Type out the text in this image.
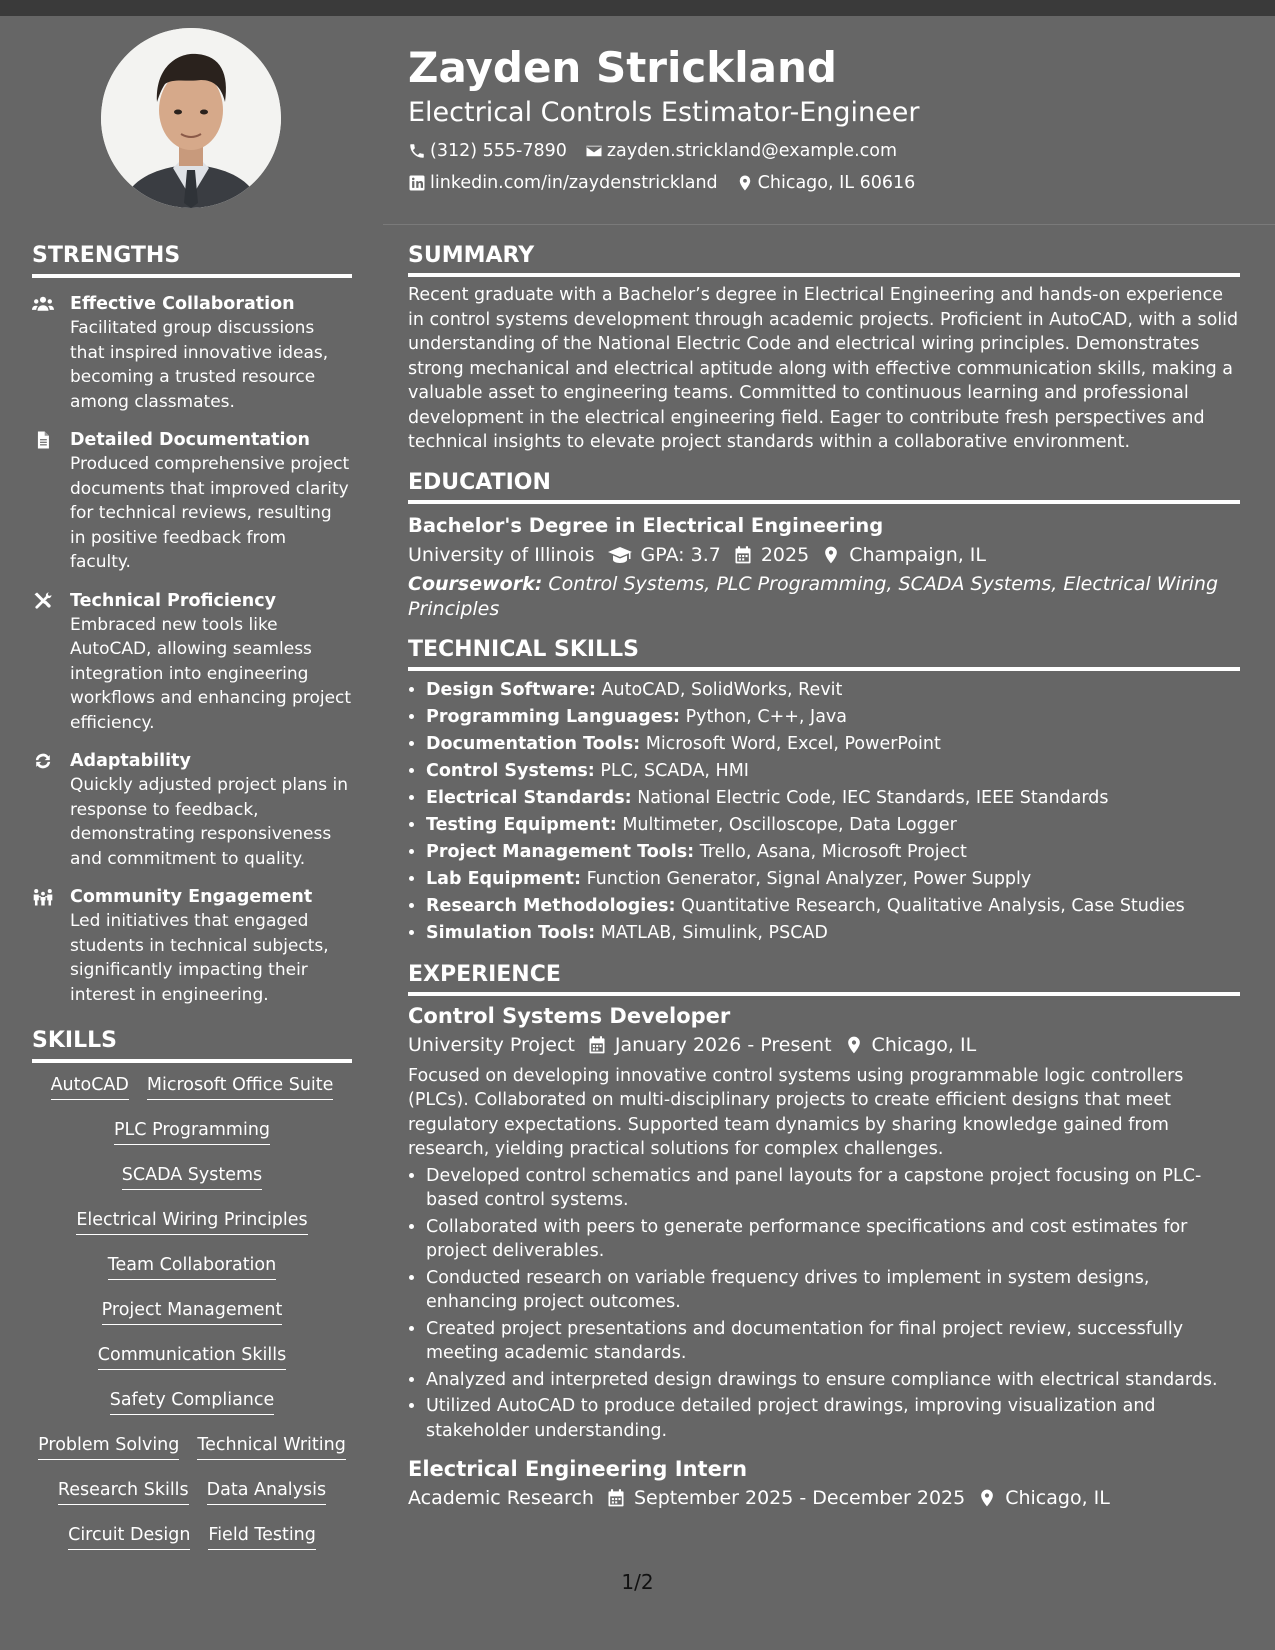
Zayden Strickland
Electrical Controls Estimator-Engineer
(312) 555-7890 zayden.strickland@example.com
linkedin.com/in/zaydenstrickland Chicago, IL 60616
STRENGTHS
Effective Collaboration
Facilitated group discussions that inspired innovative ideas, becoming a trusted resource among classmates.
Detailed Documentation
Produced comprehensive project documents that improved clarity for technical reviews, resulting in positive feedback from faculty.
Technical Proficiency
Embraced new tools like AutoCAD, allowing seamless integration into engineering workflows and enhancing project efficiency.
Adaptability
Quickly adjusted project plans in response to feedback, demonstrating responsiveness and commitment to quality.
Community Engagement
Led initiatives that engaged students in technical subjects, significantly impacting their interest in engineering.
SKILLS
AutoCAD Microsoft Office Suite
PLC Programming
SCADA Systems
Electrical Wiring Principles
Team Collaboration
Project Management
Communication Skills
Safety Compliance
Problem Solving Technical Writing
Research Skills Data Analysis
Circuit Design Field Testing
SUMMARY
Recent graduate with a Bachelor’s degree in Electrical Engineering and hands-on experience in control systems development through academic projects. Proficient in AutoCAD, with a solid understanding of the National Electric Code and electrical wiring principles. Demonstrates strong mechanical and electrical aptitude along with effective communication skills, making a valuable asset to engineering teams. Committed to continuous learning and professional development in the electrical engineering field. Eager to contribute fresh perspectives and technical insights to elevate project standards within a collaborative environment.
EDUCATION
Bachelor's Degree in Electrical Engineering
University of Illinois GPA: 3.7 2025 Champaign, IL
Coursework: Control Systems, PLC Programming, SCADA Systems, Electrical Wiring Principles
TECHNICAL SKILLS
• Design Software: AutoCAD, SolidWorks, Revit
• Programming Languages: Python, C++, Java
• Documentation Tools: Microsoft Word, Excel, PowerPoint
• Control Systems: PLC, SCADA, HMI
• Electrical Standards: National Electric Code, IEC Standards, IEEE Standards
• Testing Equipment: Multimeter, Oscilloscope, Data Logger
• Project Management Tools: Trello, Asana, Microsoft Project
• Lab Equipment: Function Generator, Signal Analyzer, Power Supply
• Research Methodologies: Quantitative Research, Qualitative Analysis, Case Studies
• Simulation Tools: MATLAB, Simulink, PSCAD
EXPERIENCE
Control Systems Developer
University Project January 2026 - Present Chicago, IL
Focused on developing innovative control systems using programmable logic controllers (PLCs). Collaborated on multi-disciplinary projects to create efficient designs that meet regulatory expectations. Supported team dynamics by sharing knowledge gained from research, yielding practical solutions for complex challenges.
• Developed control schematics and panel layouts for a capstone project focusing on PLC-based control systems.
• Collaborated with peers to generate performance specifications and cost estimates for project deliverables.
• Conducted research on variable frequency drives to implement in system designs, enhancing project outcomes.
• Created project presentations and documentation for final project review, successfully meeting academic standards.
• Analyzed and interpreted design drawings to ensure compliance with electrical standards.
• Utilized AutoCAD to produce detailed project drawings, improving visualization and stakeholder understanding.
Electrical Engineering Intern
Academic Research September 2025 - December 2025 Chicago, IL
1/2
